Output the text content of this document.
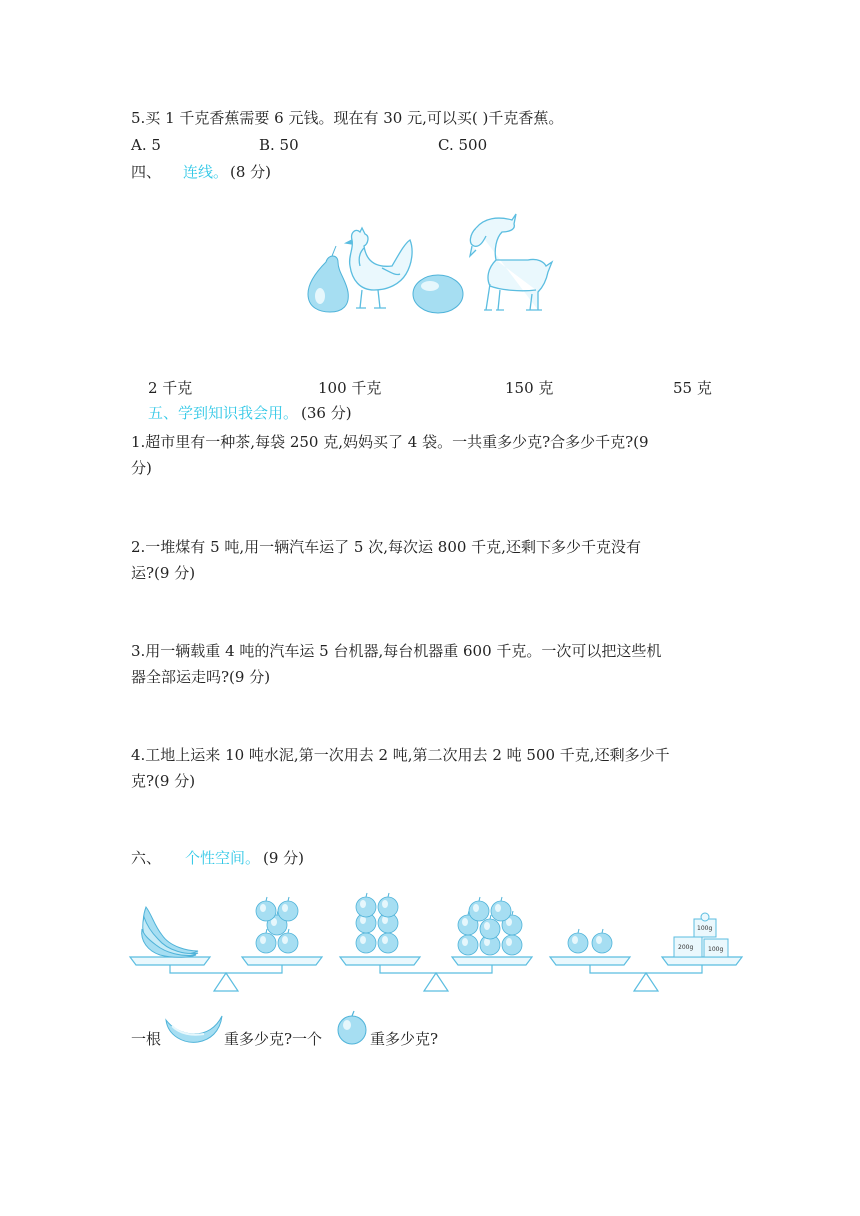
5.买 1 千克香蕉需要 6 元钱。现在有 30 元,可以买( )千克香蕉。
A. 5	B. 50	C. 500
四、 连线。 (8 分)
2 千克	100 千克	150 克	55 克
五、学到知识我会用。 (36 分)
1.超市里有一种茶,每袋 250 克,妈妈买了 4 袋。一共重多少克?合多少千克?(9
分)
2.一堆煤有 5 吨,用一辆汽车运了 5 次,每次运 800 千克,还剩下多少千克没有
运?(9 分)
3.用一辆载重 4 吨的汽车运 5 台机器,每台机器重 600 千克。一次可以把这些机
器全部运走吗?(9 分)
4.工地上运来 10 吨水泥,第一次用去 2 吨,第二次用去 2 吨 500 千克,还剩多少千
克?(9 分)
六、 个性空间。 (9 分)
200g
100g
100g
一根	重多少克?一个	重多少克?
